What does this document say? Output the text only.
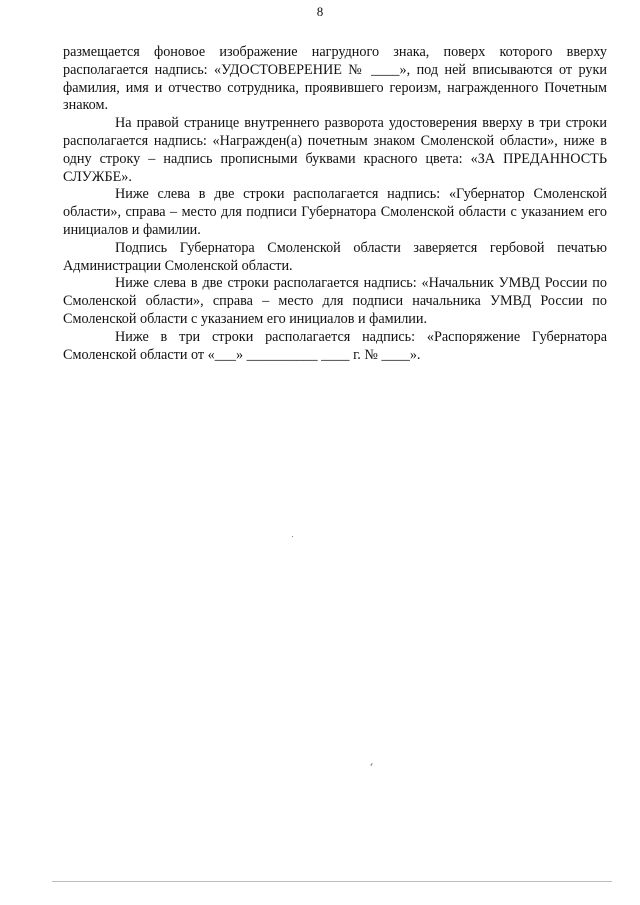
8

размещается фоновое изображение нагрудного знака, поверх которого вверху располагается надпись: «УДОСТОВЕРЕНИЕ № ____», под ней вписываются от руки фамилия, имя и отчество сотрудника, проявившего героизм, награжденного Почетным знаком.

На правой странице внутреннего разворота удостоверения вверху в три строки располагается надпись: «Награжден(а) почетным знаком Смоленской области», ниже в одну строку – надпись прописными буквами красного цвета: «ЗА ПРЕДАННОСТЬ СЛУЖБЕ».

Ниже слева в две строки располагается надпись: «Губернатор Смоленской области», справа – место для подписи Губернатора Смоленской области с указанием его инициалов и фамилии.

Подпись Губернатора Смоленской области заверяется гербовой печатью Администрации Смоленской области.

Ниже слева в две строки располагается надпись: «Начальник УМВД России по Смоленской области», справа – место для подписи начальника УМВД России по Смоленской области с указанием его инициалов и фамилии.

Ниже в три строки располагается надпись: «Распоряжение Губернатора Смоленской области от «___» __________ ____ г. № ____».
